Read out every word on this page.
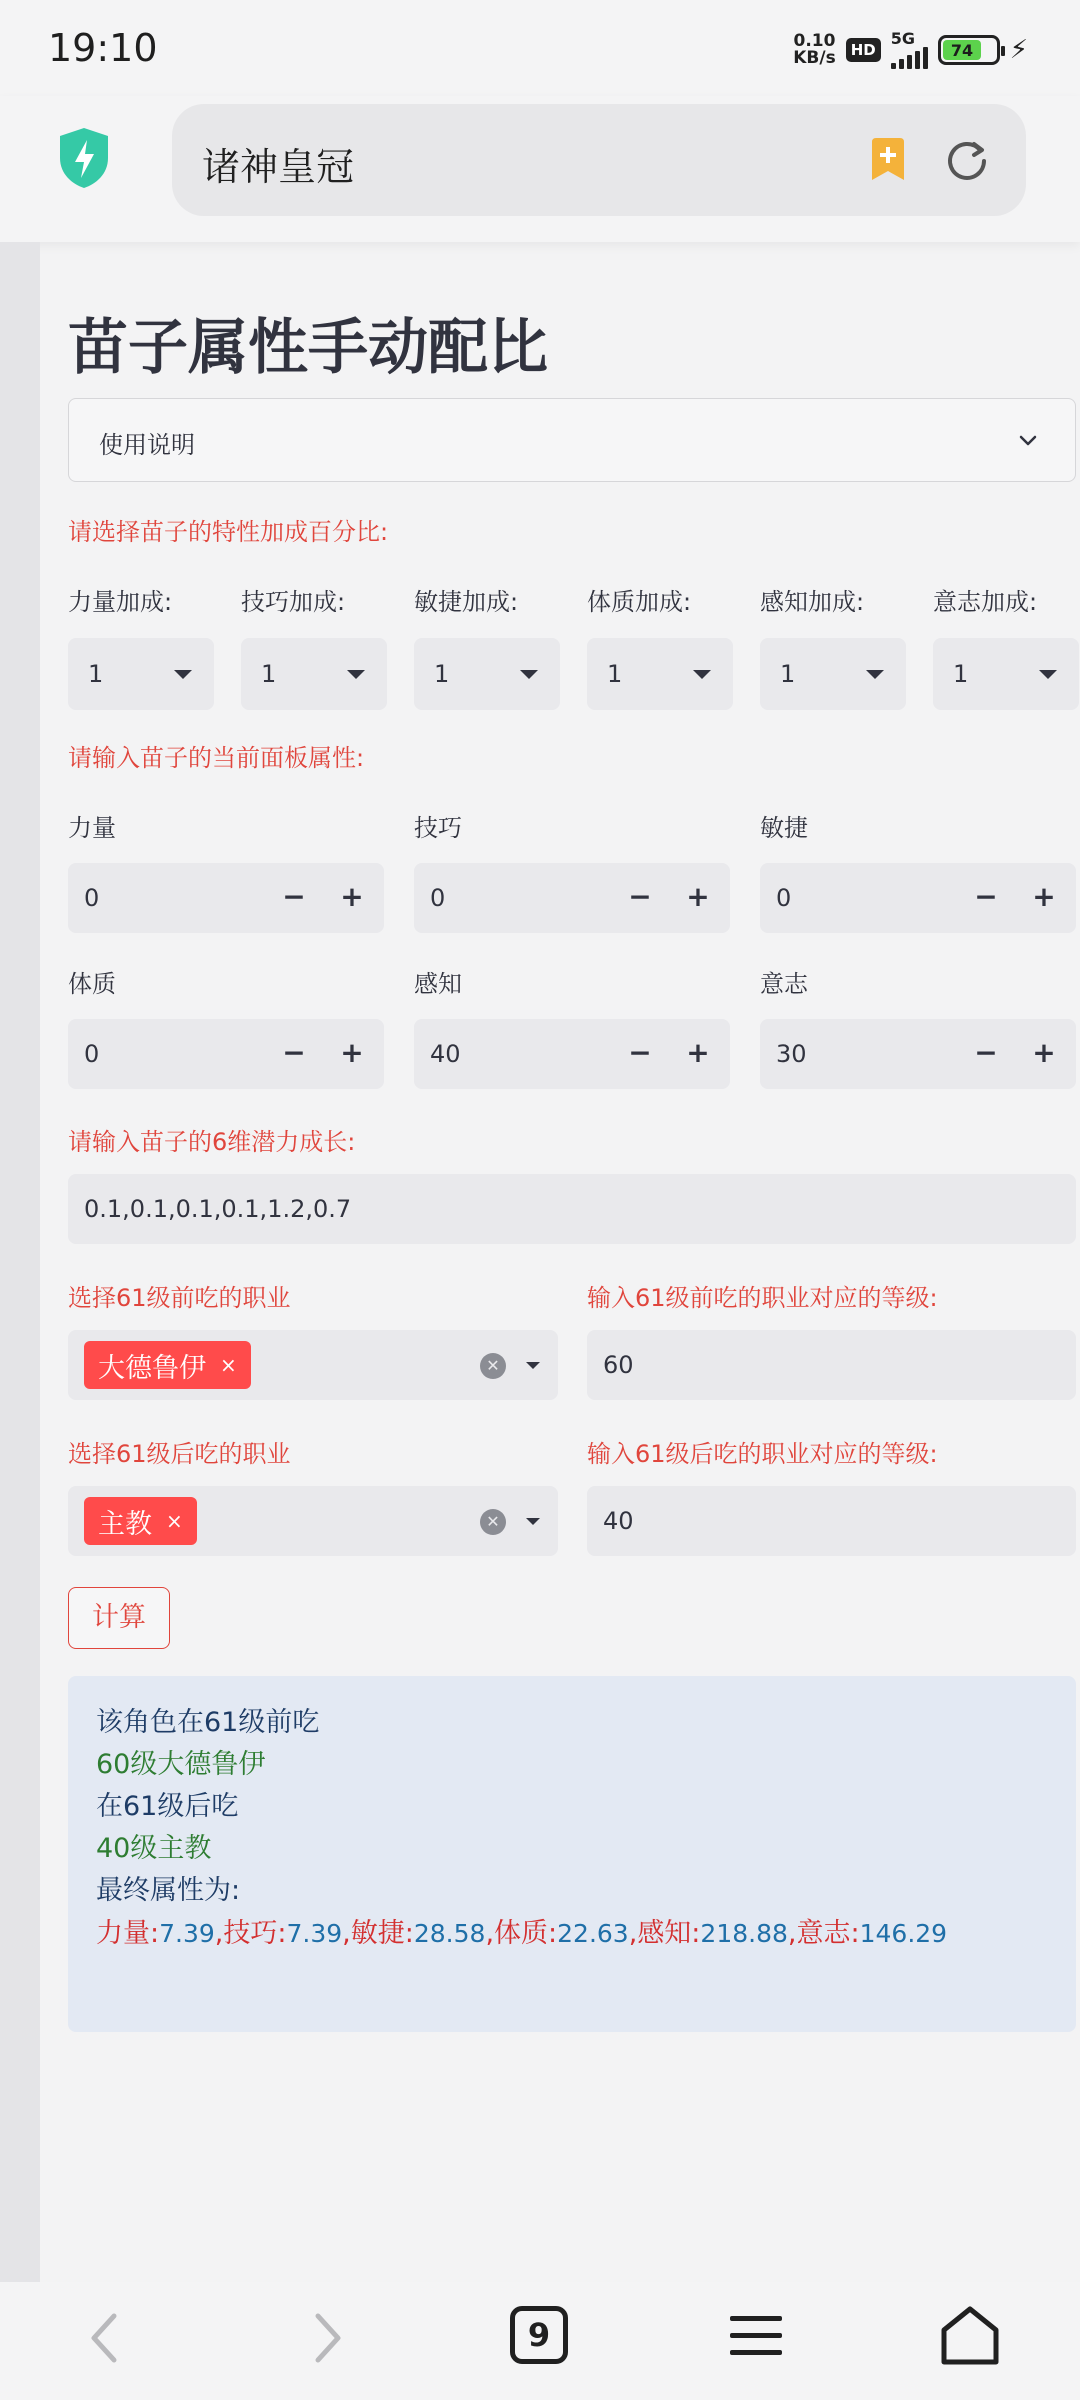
19:10	0.10
KB/s	HD
5G
74	⚡
诸神皇冠
苗子属性手动配比
使用说明
请选择苗子的特性加成百分比:
力量加成:	技巧加成:	敏捷加成:	体质加成:	感知加成:	意志加成:
1	1	1	1	1	1
请输入苗子的当前面板属性:
力量	技巧	敏捷
0	− +	0	− +	0	− +
体质	感知	意志
0	− +	40	− +	30	− +
请输入苗子的6维潜力成长:
0.1,0.1,0.1,0.1,1.2,0.7
选择61级前吃的职业	输入61级前吃的职业对应的等级:
大德鲁伊 ×	✕	60
选择61级后吃的职业	输入61级后吃的职业对应的等级:
主教 ×	✕	40
计算
该角色在61级前吃
60级大德鲁伊
在61级后吃
40级主教
最终属性为:
力量:7.39,技巧:7.39,敏捷:28.58,体质:22.63,感知:218.88,意志:146.29
9
